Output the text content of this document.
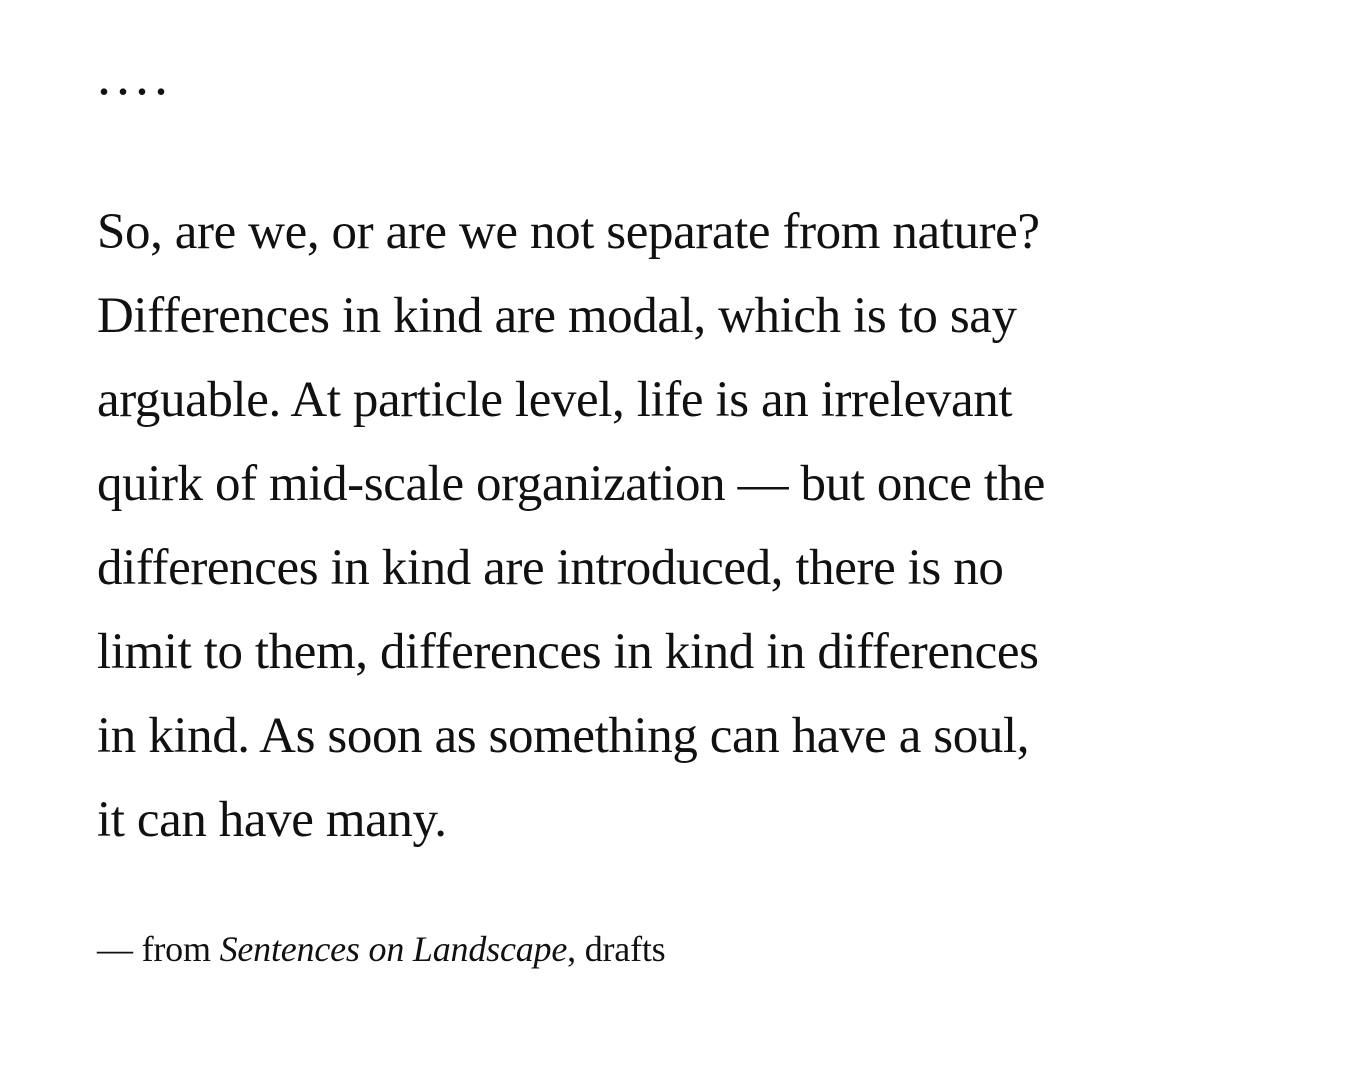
....

So, are we, or are we not separate from nature?
Differences in kind are modal, which is to say
arguable. At particle level, life is an irrelevant
quirk of mid-scale organization — but once the
differences in kind are introduced, there is no
limit to them, differences in kind in differences
in kind. As soon as something can have a soul,
it can have many.

— from Sentences on Landscape, drafts
